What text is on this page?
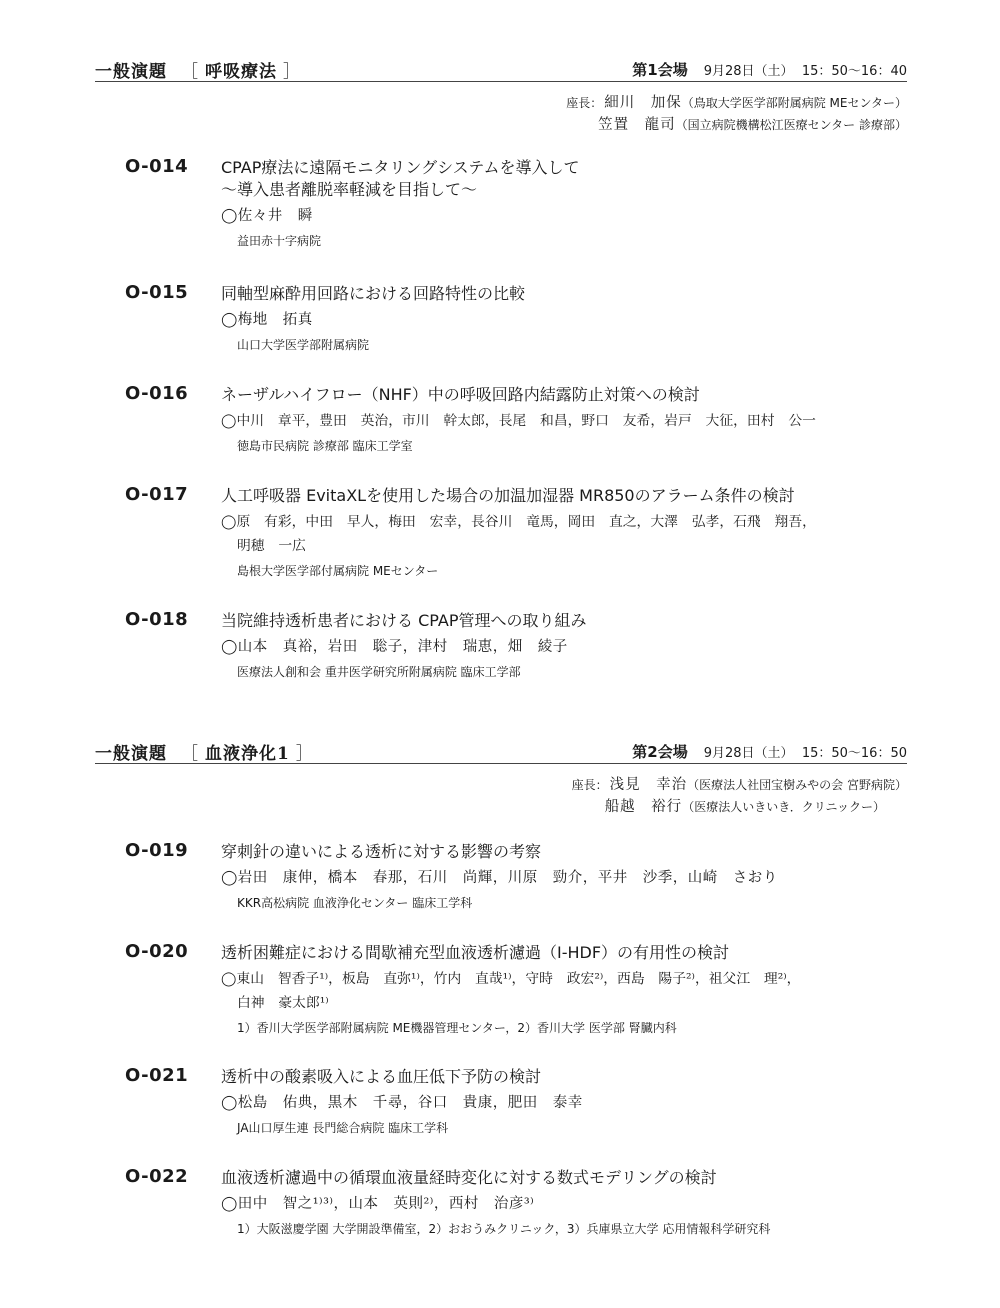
一般演題 ［ 呼吸療法 ］	第1会場 9月28日（土） 15：50～16：40
座長： 細川　加保（鳥取大学医学部附属病院 MEセンター）
笠置　龍司（国立病院機構松江医療センター 診療部）
O-014 CPAP療法に遠隔モニタリングシステムを導入して
～導入患者離脱率軽減を目指して～
◯佐々井　瞬
益田赤十字病院
O-015 同軸型麻酔用回路における回路特性の比較
◯梅地　拓真
山口大学医学部附属病院
O-016 ネーザルハイフロー（NHF）中の呼吸回路内結露防止対策への検討
◯中川　章平，豊田　英治，市川　幹太郎，長尾　和昌，野口　友希，岩戸　大征，田村　公一
徳島市民病院 診療部 臨床工学室
O-017 人工呼吸器 EvitaXLを使用した場合の加温加湿器 MR850のアラーム条件の検討
◯原　有彩，中田　早人，梅田　宏幸，長谷川　竜馬，岡田　直之，大澤　弘孝，石飛　翔吾，
明穂　一広
島根大学医学部付属病院 MEセンター
O-018 当院維持透析患者における CPAP管理への取り組み
◯山本　真裕，岩田　聡子，津村　瑞恵，畑　綾子
医療法人創和会 重井医学研究所附属病院 臨床工学部
一般演題 ［ 血液浄化1 ］	第2会場 9月28日（土） 15：50～16：50
座長： 浅見　幸治（医療法人社団宝樹みやの会 宮野病院）
船越　裕行（医療法人いきいき．クリニックー）
O-019 穿刺針の違いによる透析に対する影響の考察
◯岩田　康伸，橋本　春那，石川　尚輝，川原　勁介，平井　沙季，山崎　さおり
KKR高松病院 血液浄化センター 臨床工学科
O-020 透析困難症における間歇補充型血液透析濾過（I-HDF）の有用性の検討
◯東山　智香子¹⁾，板島　直弥¹⁾，竹内　直哉¹⁾，守時　政宏²⁾，西島　陽子²⁾，祖父江　理²⁾，
白神　豪太郎¹⁾
1）香川大学医学部附属病院 ME機器管理センター，2）香川大学 医学部 腎臓内科
O-021 透析中の酸素吸入による血圧低下予防の検討
◯松島　佑典，黒木　千尋，谷口　貴康，肥田　泰幸
JA山口厚生連 長門総合病院 臨床工学科
O-022 血液透析濾過中の循環血液量経時変化に対する数式モデリングの検討
◯田中　智之¹⁾³⁾，山本　英則²⁾，西村　治彦³⁾
1）大阪滋慶学園 大学開設準備室，2）おおうみクリニック，3）兵庫県立大学 応用情報科学研究科
